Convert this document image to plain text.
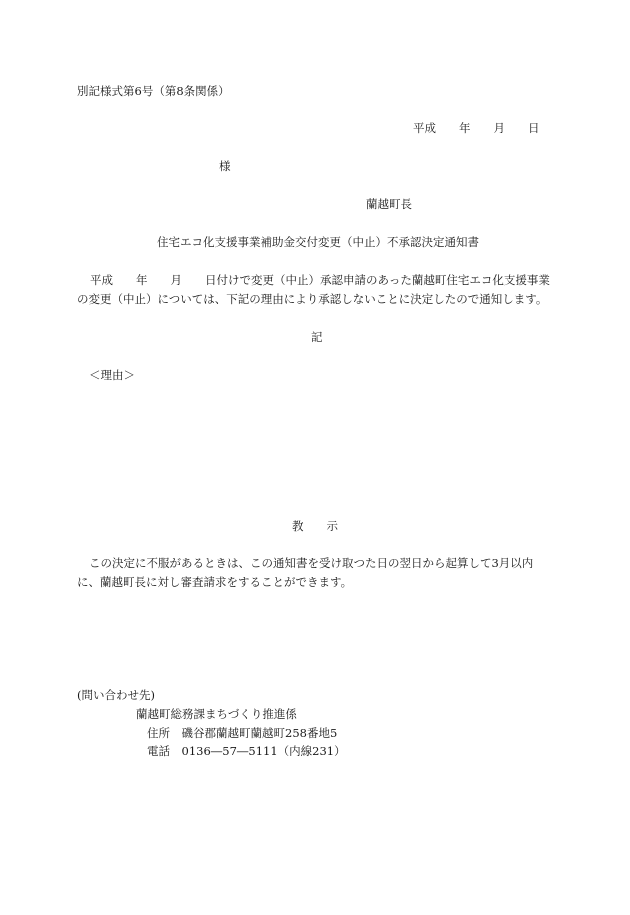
別記様式第6号（第8条関係）
平成　　年　　月　　日
様
蘭越町長
住宅エコ化支援事業補助金交付変更（中止）不承認決定通知書
平成　　年　　月　　日付けで変更（中止）承認申請のあった蘭越町住宅エコ化支援事業
の変更（中止）については、下記の理由により承認しないことに決定したので通知します。
記
＜理由＞
教　　示
この決定に不服があるときは、この通知書を受け取つた日の翌日から起算して3月以内
に、蘭越町長に対し審査請求をすることができます。
(問い合わせ先)
蘭越町総務課まちづくり推進係
住所　磯谷郡蘭越町蘭越町258番地5
電話　0136―57―5111（内線231）
